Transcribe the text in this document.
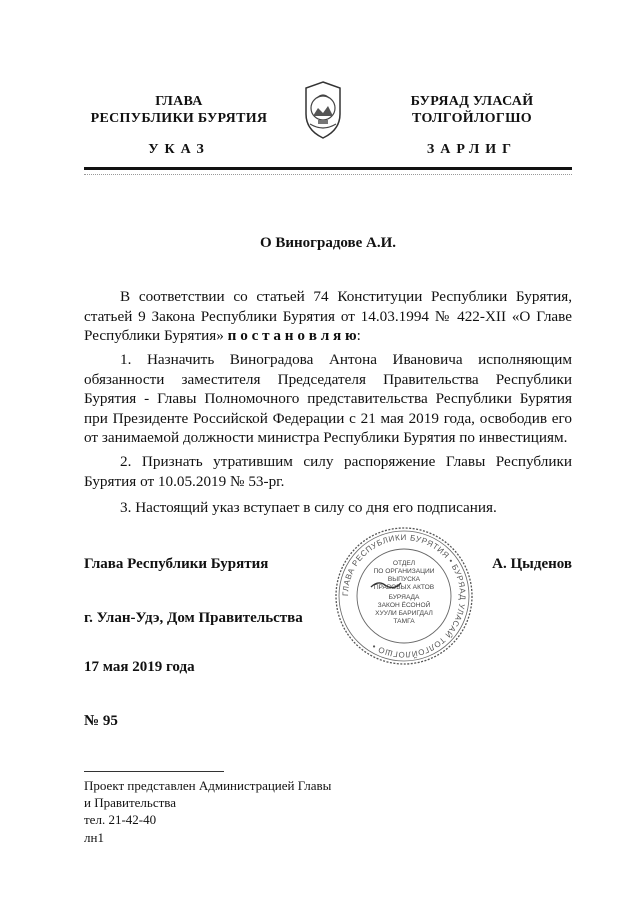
ГЛАВА
РЕСПУБЛИКИ БУРЯТИЯ
УКАЗ
БУРЯАД УЛАСАЙ
ТОЛГОЙЛОГШО
ЗАРЛИГ
О Виноградове А.И.
В соответствии со статьей 74 Конституции Республики Бурятия, статьей 9 Закона Республики Бурятия от 14.03.1994 № 422-XII «О Главе Республики Бурятия» п о с т а н о в л я ю:
1. Назначить Виноградова Антона Ивановича исполняющим обязанности заместителя Председателя Правительства Республики Бурятия - Главы Полномочного представительства Республики Бурятия при Президенте Российской Федерации с 21 мая 2019 года, освободив его от занимаемой должности министра Республики Бурятия по инвестициям.
2. Признать утратившим силу распоряжение Главы Республики Бурятия от 10.05.2019 № 53-рг.
3. Настоящий указ вступает в силу со дня его подписания.
Глава Республики Бурятия	А. Цыденов
ГЛАВА РЕСПУБЛИКИ БУРЯТИЯ • БУРЯАД УЛАСАЙ ТОЛГОЙЛОГШО •
ОТДЕЛ
ПО ОРГАНИЗАЦИИ
ВЫПУСКА
ПРАВОВЫХ АКТОВ
БУРЯАДА
ЗАКОН ЁСОНОЙ
ХУУЛИ БАРИГДАЛ
ТАМГА
г. Улан-Удэ, Дом Правительства
17 мая 2019 года
№ 95
Проект представлен Администрацией Главы
и Правительства
тел. 21-42-40
лн1
